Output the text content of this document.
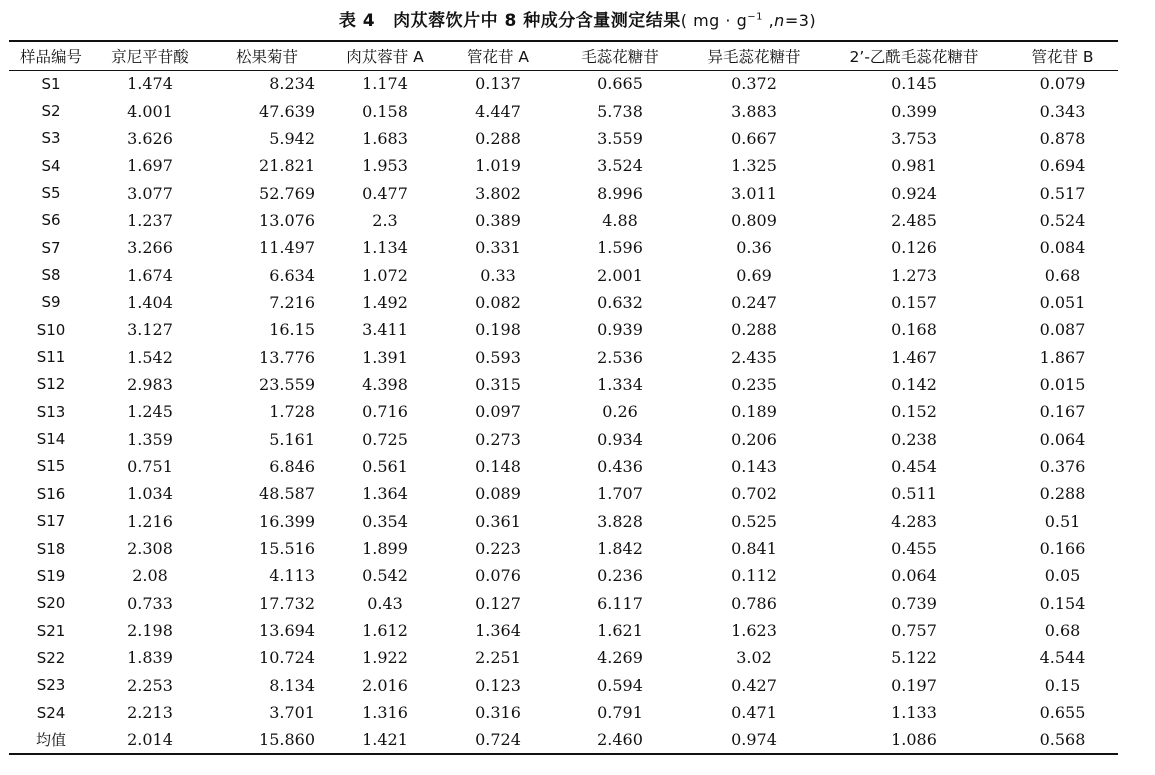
表 4 肉苁蓉饮片中 8 种成分含量测定结果( mg · $g^{-1}$ ,n=3)
样品编号	京尼平苷酸	松果菊苷	肉苁蓉苷 A	管花苷 A	毛蕊花糖苷	异毛蕊花糖苷	2’-乙酰毛蕊花糖苷	管花苷 B
S1	1.474	8.234	1.174	0.137	0.665	0.372	0.145	0.079
S2	4.001	47.639	0.158	4.447	5.738	3.883	0.399	0.343
S3	3.626	5.942	1.683	0.288	3.559	0.667	3.753	0.878
S4	1.697	21.821	1.953	1.019	3.524	1.325	0.981	0.694
S5	3.077	52.769	0.477	3.802	8.996	3.011	0.924	0.517
S6	1.237	13.076	2.3	0.389	4.88	0.809	2.485	0.524
S7	3.266	11.497	1.134	0.331	1.596	0.36	0.126	0.084
S8	1.674	6.634	1.072	0.33	2.001	0.69	1.273	0.68
S9	1.404	7.216	1.492	0.082	0.632	0.247	0.157	0.051
S10	3.127	16.15	3.411	0.198	0.939	0.288	0.168	0.087
S11	1.542	13.776	1.391	0.593	2.536	2.435	1.467	1.867
S12	2.983	23.559	4.398	0.315	1.334	0.235	0.142	0.015
S13	1.245	1.728	0.716	0.097	0.26	0.189	0.152	0.167
S14	1.359	5.161	0.725	0.273	0.934	0.206	0.238	0.064
S15	0.751	6.846	0.561	0.148	0.436	0.143	0.454	0.376
S16	1.034	48.587	1.364	0.089	1.707	0.702	0.511	0.288
S17	1.216	16.399	0.354	0.361	3.828	0.525	4.283	0.51
S18	2.308	15.516	1.899	0.223	1.842	0.841	0.455	0.166
S19	2.08	4.113	0.542	0.076	0.236	0.112	0.064	0.05
S20	0.733	17.732	0.43	0.127	6.117	0.786	0.739	0.154
S21	2.198	13.694	1.612	1.364	1.621	1.623	0.757	0.68
S22	1.839	10.724	1.922	2.251	4.269	3.02	5.122	4.544
S23	2.253	8.134	2.016	0.123	0.594	0.427	0.197	0.15
S24	2.213	3.701	1.316	0.316	0.791	0.471	1.133	0.655
均值	2.014	15.860	1.421	0.724	2.460	0.974	1.086	0.568
